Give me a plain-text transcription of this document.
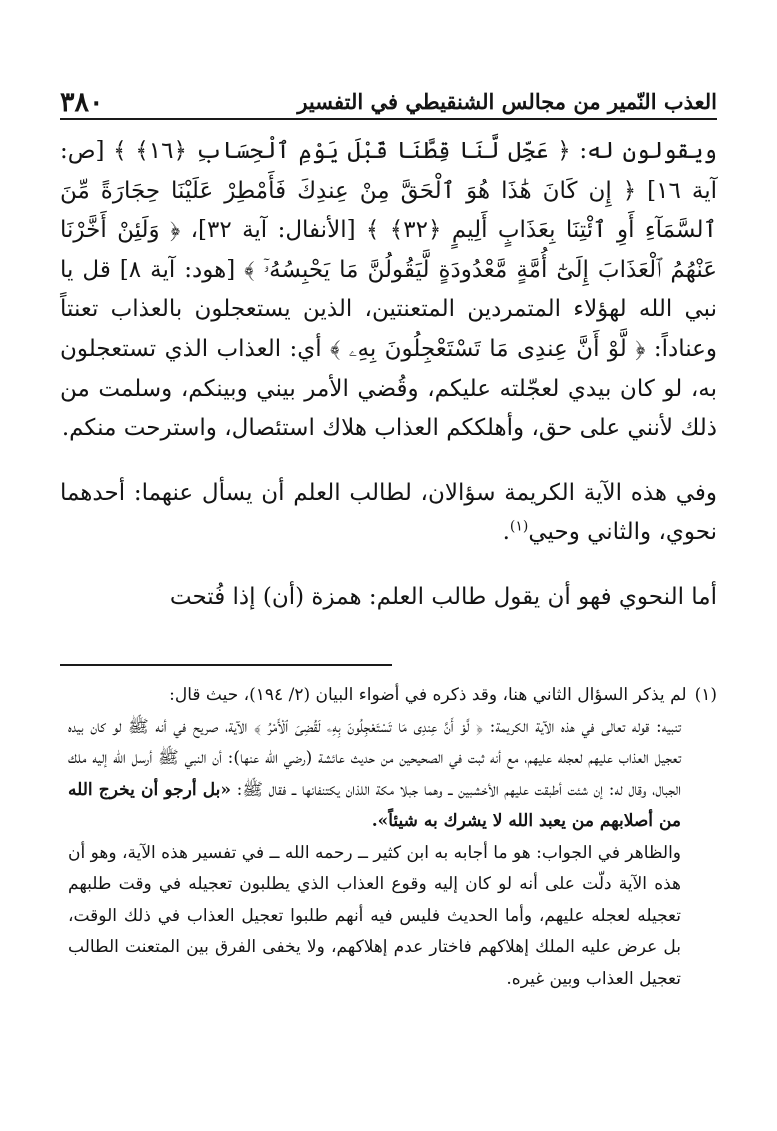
العذب النّمير من مجالس الشنقيطي في التفسير
٣٨٠

ويقولون له: ﴿ عَجِّل لَّنَا قِطَّنَا قَبْلَ يَوْمِ ٱلْحِسَابِ ﴿١٦﴾ ﴾ [ص: آية ١٦] ﴿ إِن كَانَ هَٰذَا هُوَ ٱلْحَقَّ مِنْ عِندِكَ فَأَمْطِرْ عَلَيْنَا حِجَارَةً مِّنَ ٱلسَّمَآءِ أَوِ ٱئْتِنَا بِعَذَابٍ أَلِيمٍ ﴿٣٢﴾ ﴾ [الأنفال: آية ٣٢]، ﴿ وَلَئِنْ أَخَّرْنَا عَنْهُمُ ٱلْعَذَابَ إِلَىٰٓ أُمَّةٍ مَّعْدُودَةٍ لَّيَقُولُنَّ مَا يَحْبِسُهُۥٓ ﴾ [هود: آية ٨] قل يا نبي الله لهؤلاء المتمردين المتعنتين، الذين يستعجلون بالعذاب تعنتاً وعناداً: ﴿ لَّوْ أَنَّ عِندِى مَا تَسْتَعْجِلُونَ بِهِۦ ﴾ أي: العذاب الذي تستعجلون به، لو كان بيدي لعجّلته عليكم، وقُضي الأمر بيني وبينكم، وسلمت من ذلك لأنني على حق، وأهلككم العذاب هلاك استئصال، واسترحت منكم.

وفي هذه الآية الكريمة سؤالان، لطالب العلم أن يسأل عنهما: أحدهما نحوي، والثاني وحيي$^{(١)}$.

أما النحوي فهو أن يقول طالب العلم: همزة (أن) إذا فُتحت

(١)لم يذكر السؤال الثاني هنا، وقد ذكره في أضواء البيان (٢/ ١٩٤)، حيث قال:

تنبيه: قوله تعالى في هذه الآية الكريمة: ﴿ لَّوْ أَنَّ عِندِى مَا تَسْتَعْجِلُونَ بِهِۦ لَقُضِىَ ٱلْأَمْرُ ﴾ الآية، صريح في أنه ﷺ لو كان بيده تعجيل العذاب عليهم لعجله عليهم، مع أنه ثبت في الصحيحين من حديث عائشة (رضي الله عنها): أن النبي ﷺ أرسل الله إليه ملك الجبال، وقال له: إن شئت أطبقت عليهم الأخشبين ــ وهما جبلا مكة اللذان يكتنفانها ــ فقال ﷺ: «بل أرجو أن يخرج الله من أصلابهم من يعبد الله لا يشرك به شيئاً».

والظاهر في الجواب: هو ما أجابه به ابن كثير ــ رحمه الله ــ في تفسير هذه الآية، وهو أن هذه الآية دلّت على أنه لو كان إليه وقوع العذاب الذي يطلبون تعجيله في وقت طلبهم تعجيله لعجله عليهم، وأما الحديث فليس فيه أنهم طلبوا تعجيل العذاب في ذلك الوقت، بل عرض عليه الملك إهلاكهم فاختار عدم إهلاكهم، ولا يخفى الفرق بين المتعنت الطالب تعجيل العذاب وبين غيره.
